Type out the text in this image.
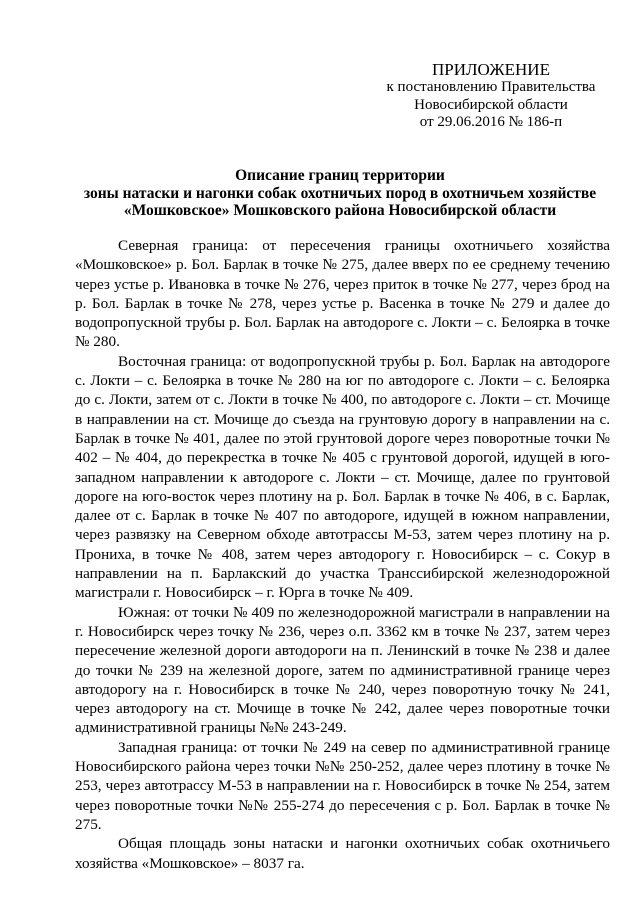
ПРИЛОЖЕНИЕ
к постановлению Правительства
Новосибирской области
от 29.06.2016 № 186-п
Описание границ территории
зоны натаски и нагонки собак охотничьих пород в охотничьем хозяйстве
«Мошковское» Мошковского района Новосибирской области

Северная граница: от пересечения границы охотничьего хозяйства «Мошковское» р. Бол. Барлак в точке № 275, далее вверх по ее среднему течению через устье р. Ивановка в точке № 276, через приток в точке № 277, через брод на р. Бол. Барлак в точке № 278, через устье р. Васенка в точке № 279 и далее до водопропускной трубы р. Бол. Барлак на автодороге с. Локти – с. Белоярка в точке № 280.

Восточная граница: от водопропускной трубы р. Бол. Барлак на автодороге с. Локти – с. Белоярка в точке № 280 на юг по автодороге с. Локти – с. Белоярка до с. Локти, затем от с. Локти в точке № 400, по автодороге с. Локти – ст. Мочище в направлении на ст. Мочище до съезда на грунтовую дорогу в направлении на с. Барлак в точке № 401, далее по этой грунтовой дороге через поворотные точки № 402 – № 404, до перекрестка в точке № 405 с грунтовой дорогой, идущей в юго-западном направлении к автодороге с. Локти – ст. Мочище, далее по грунтовой дороге на юго-восток через плотину на р. Бол. Барлак в точке № 406, в с. Барлак, далее от с. Барлак в точке № 407 по автодороге, идущей в южном направлении, через развязку на Северном обходе автотрассы М-53, затем через плотину на р. Прониха, в точке № 408, затем через автодорогу г. Новосибирск – с. Сокур в направлении на п. Барлакский до участка Транссибирской железнодорожной магистрали г. Новосибирск – г. Юрга в точке № 409.

Южная: от точки № 409 по железнодорожной магистрали в направлении на г. Новосибирск через точку № 236, через о.п. 3362 км в точке № 237, затем через пересечение железной дороги автодороги на п. Ленинский в точке № 238 и далее до точки № 239 на железной дороге, затем по административной границе через автодорогу на г. Новосибирск в точке № 240, через поворотную точку № 241, через автодорогу на ст. Мочище в точке № 242, далее через поворотные точки административной границы №№ 243-249.

Западная граница: от точки № 249 на север по административной границе Новосибирского района через точки №№ 250-252, далее через плотину в точке № 253, через автотрассу М-53 в направлении на г. Новосибирск в точке № 254, затем через поворотные точки №№ 255-274 до пересечения с р. Бол. Барлак в точке № 275.

Общая площадь зоны натаски и нагонки охотничьих собак охотничьего хозяйства «Мошковское» – 8037 га.
